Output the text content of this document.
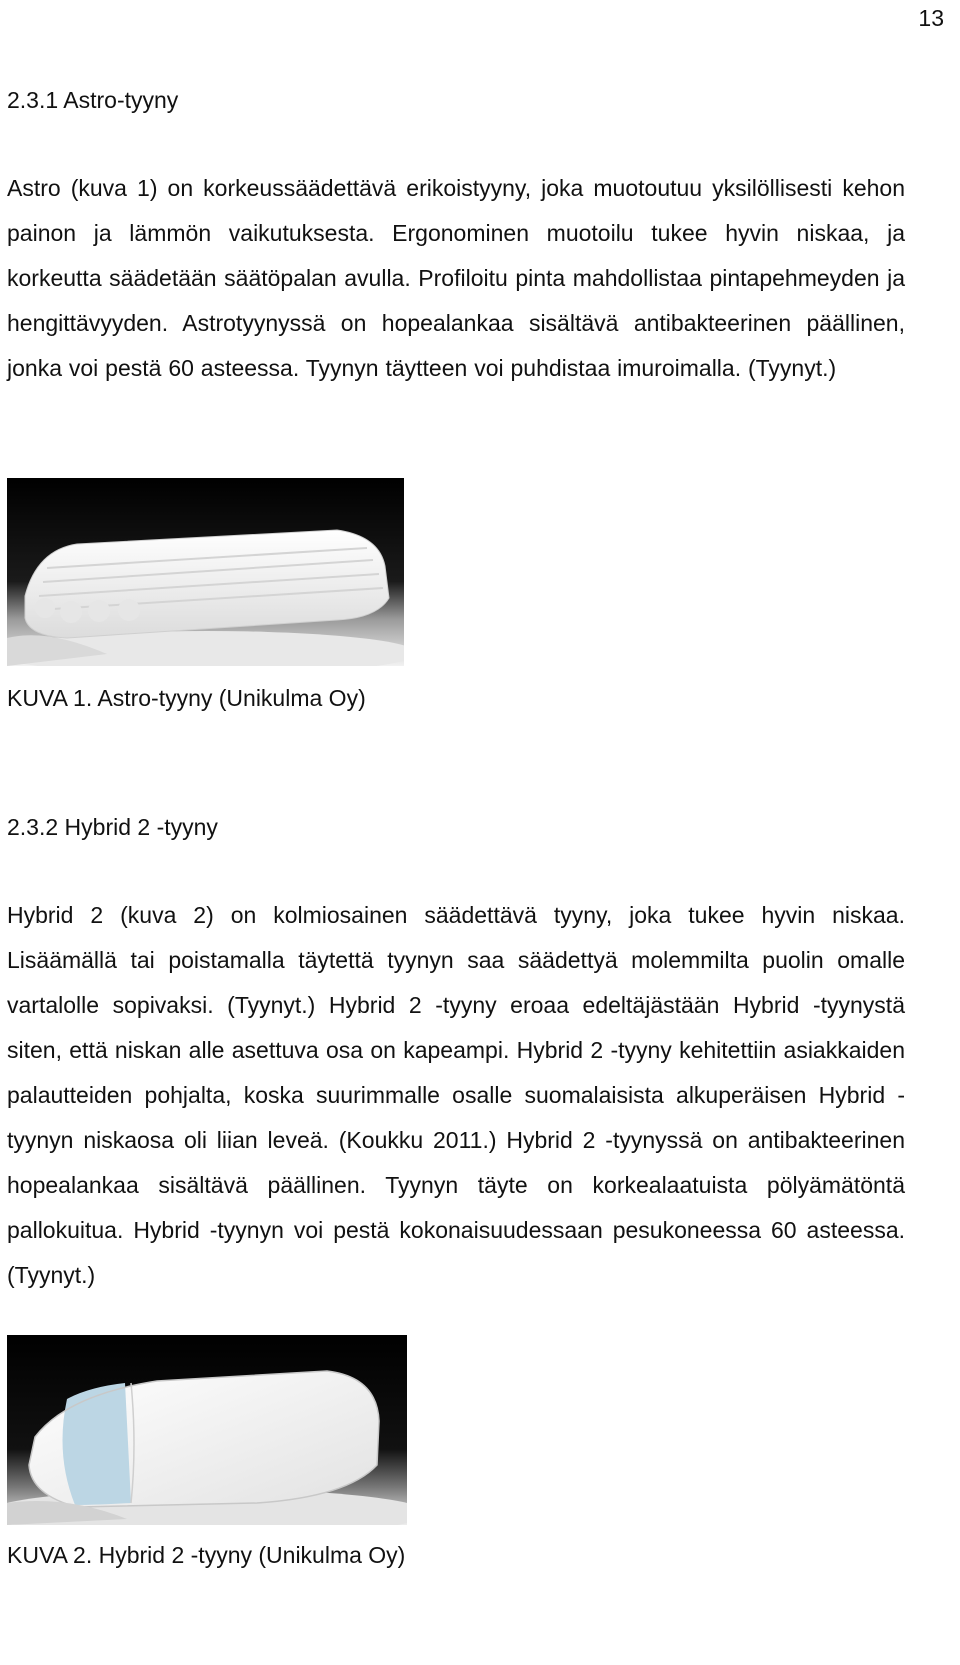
13
2.3.1 Astro-tyyny

Astro (kuva 1) on korkeussäädettävä erikoistyyny, joka muotoutuu yksilöllisesti kehon painon ja lämmön vaikutuksesta. Ergonominen muotoilu tukee hyvin niskaa, ja korkeutta säädetään säätöpalan avulla. Profiloitu pinta mahdollistaa pintapehmeyden ja hengittävyyden. Astrotyynyssä on hopealankaa sisältävä antibakteerinen päällinen, jonka voi pestä 60 asteessa. Tyynyn täytteen voi puhdistaa imuroimalla. (Tyynyt.)

KUVA 1. Astro-tyyny (Unikulma Oy)

2.3.2 Hybrid 2 -tyyny

Hybrid 2 (kuva 2) on kolmiosainen säädettävä tyyny, joka tukee hyvin niskaa. Lisäämällä tai poistamalla täytettä tyynyn saa säädettyä molemmilta puolin omalle vartalolle sopivaksi. (Tyynyt.) Hybrid 2 -tyyny eroaa edeltäjästään Hybrid -tyynystä siten, että niskan alle asettuva osa on kapeampi. Hybrid 2 -tyyny kehitettiin asiakkaiden palautteiden pohjalta, koska suurimmalle osalle suomalaisista alkuperäisen Hybrid -tyynyn niskaosa oli liian leveä. (Koukku 2011.) Hybrid 2 -tyynyssä on antibakteerinen hopealankaa sisältävä päällinen. Tyynyn täyte on korkealaatuista pölyämätöntä pallokuitua. Hybrid -tyynyn voi pestä kokonaisuudessaan pesukoneessa 60 asteessa. (Tyynyt.)

KUVA 2. Hybrid 2 -tyyny (Unikulma Oy)
